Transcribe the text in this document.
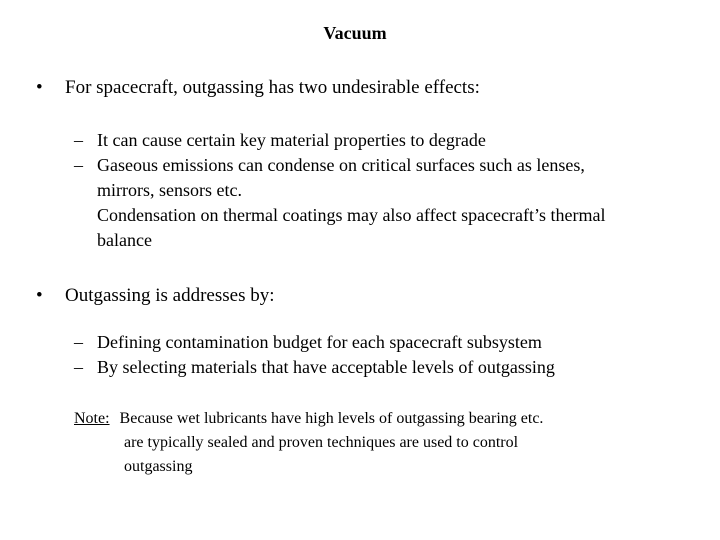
Vacuum
• For spacecraft, outgassing has two undesirable effects:
– It can cause certain key material properties to degrade
– Gaseous emissions can condense on critical surfaces such as lenses,
mirrors, sensors etc.
Condensation on thermal coatings may also affect spacecraft’s thermal
balance
• Outgassing is addresses by:
– Defining contamination budget for each spacecraft subsystem
– By selecting materials that have acceptable levels of outgassing
Note: Because wet lubricants have high levels of outgassing bearing etc.
are typically sealed and proven techniques are used to control
outgassing
